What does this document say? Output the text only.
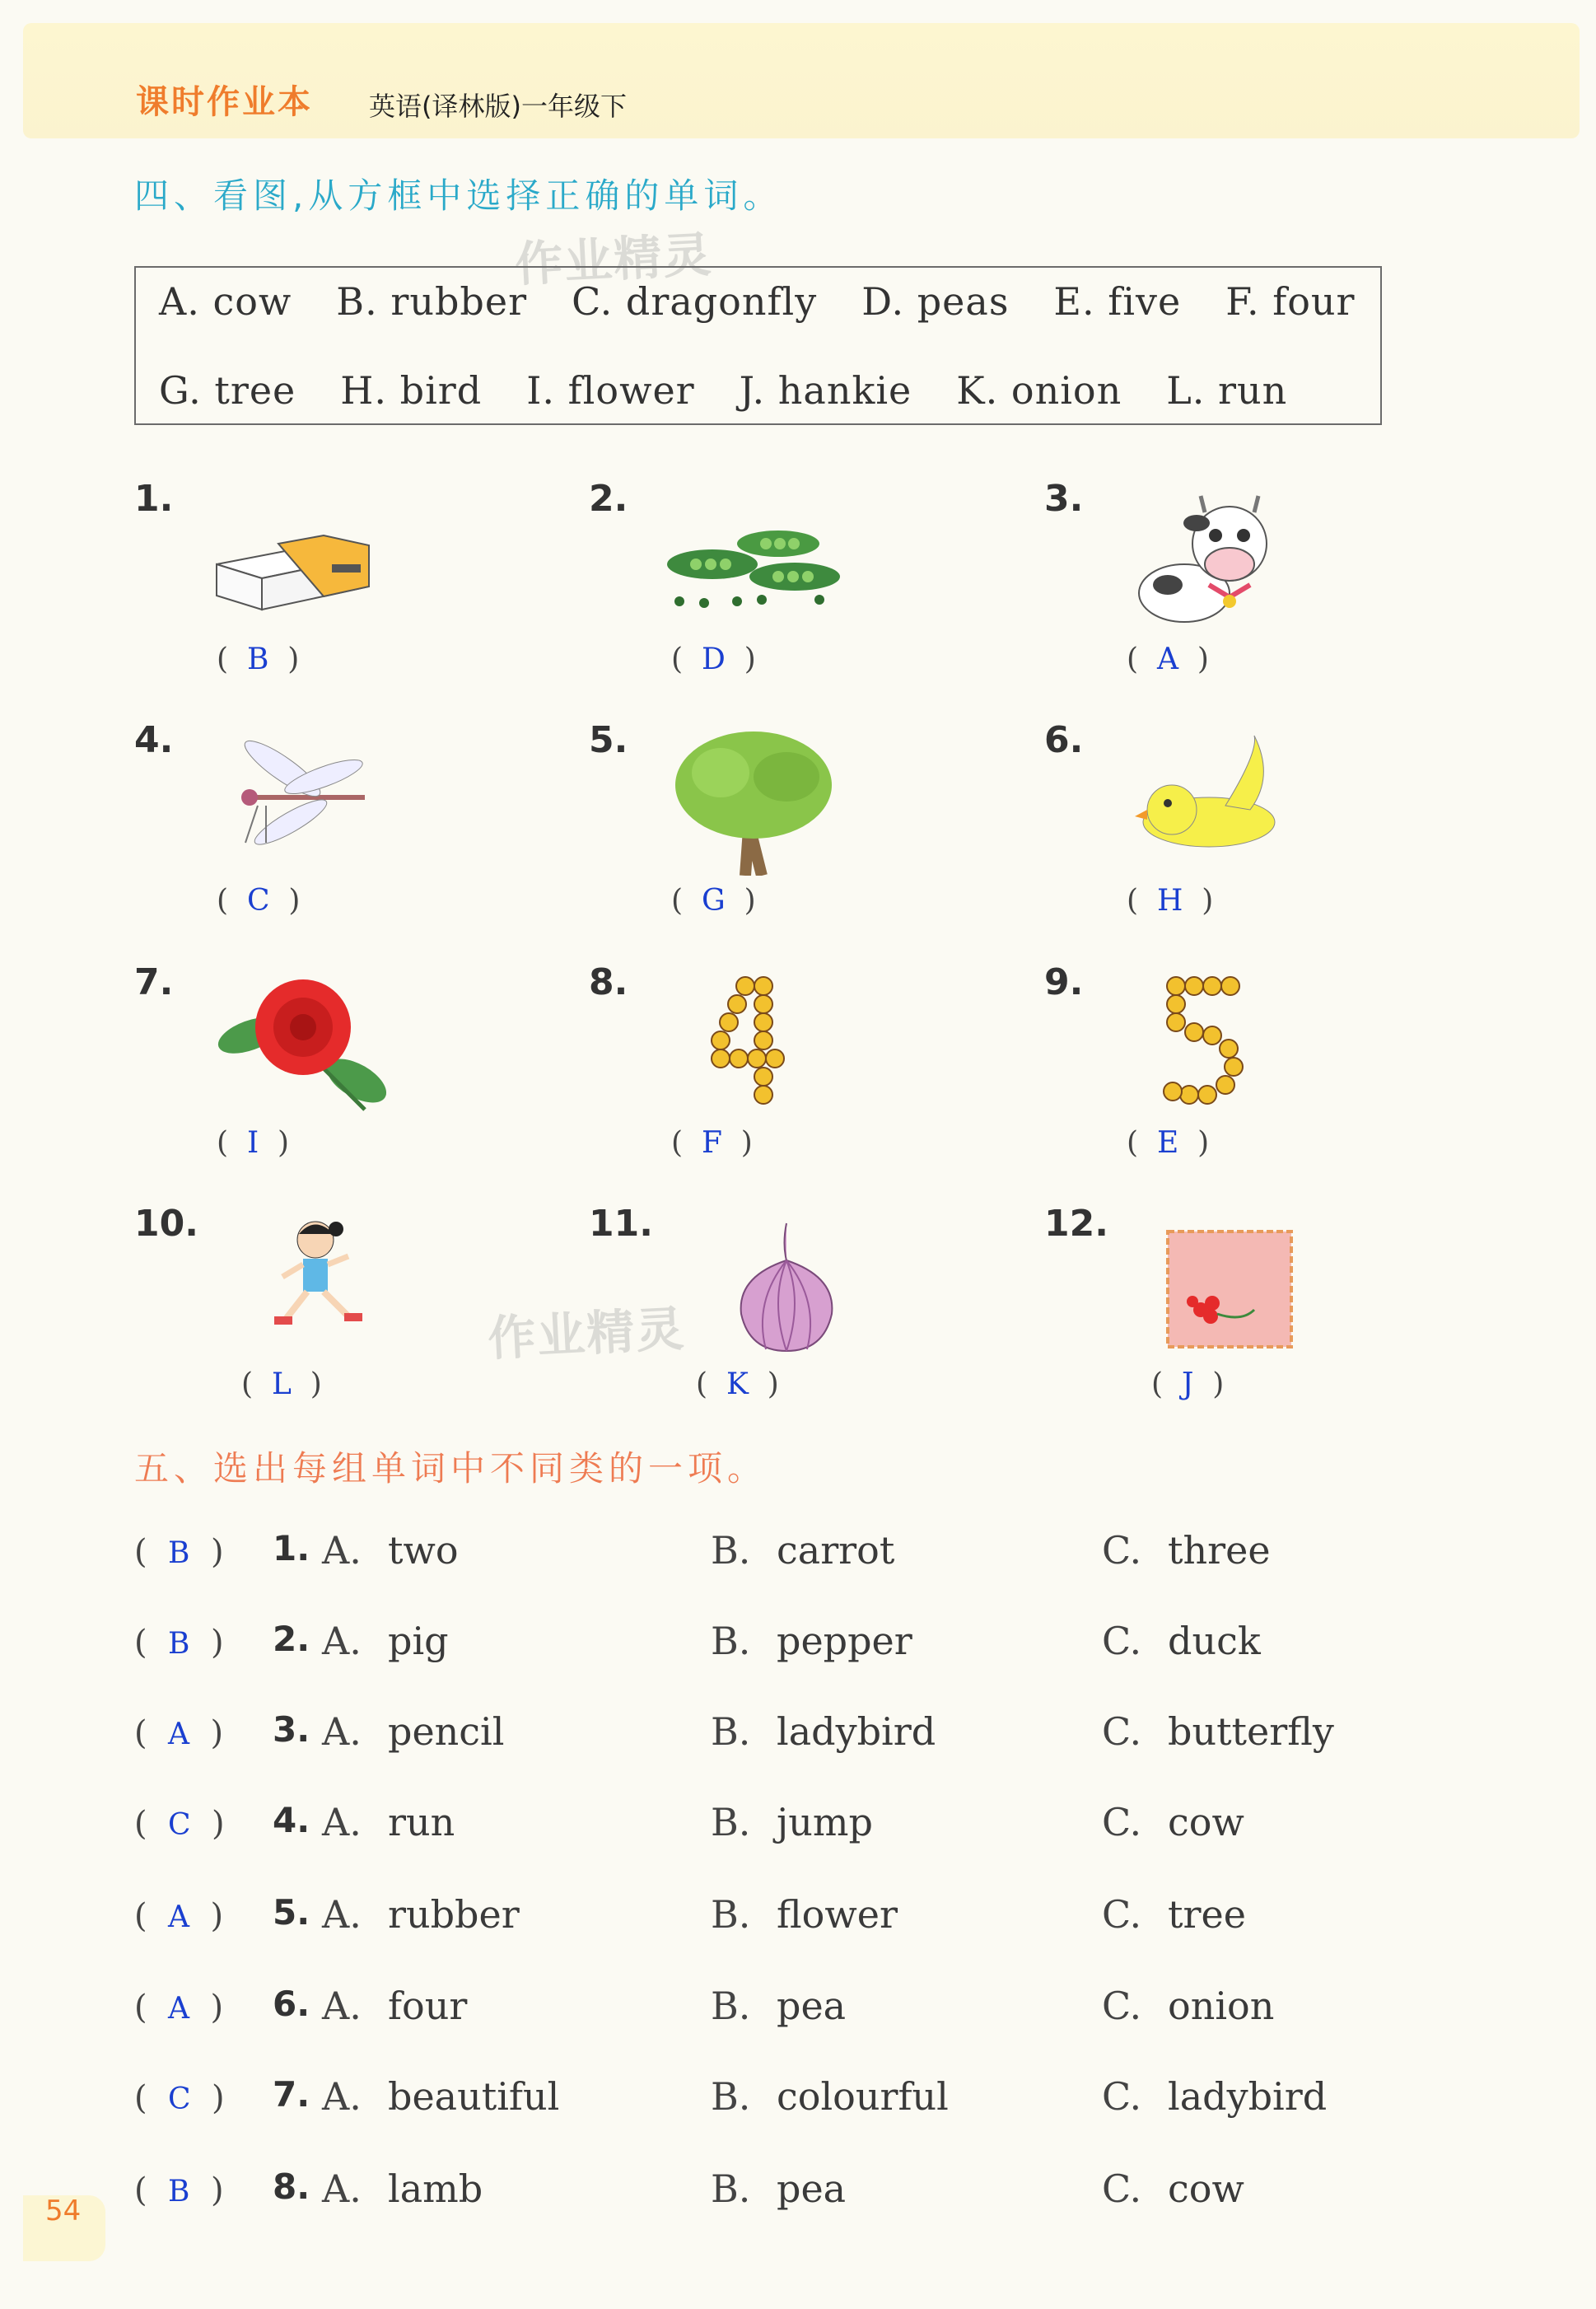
课时作业本 英语(译林版)一年级下
四、看图,从方框中选择正确的单词。
作业精灵
作业精灵
A. cow B. rubber C. dragonfly D. peas E. five F. four
G. tree H. bird I. flower J. hankie K. onion L. run
1.
(  B  )
2.
(  D  )
3.
(  A  )
4.
(  C  )
5.
(  G  )
6.
(  H  )
7.
(  I  )
8.
(  F  )
9.
(  E  )
10.
(  L  )
11.
(  K  )
12.
(  J  )
五、选出每组单词中不同类的一项。
(  B  ) 1. A. two	B. carrot	C. three
(  B  ) 2. A. pig	B. pepper	C. duck
(  A  ) 3. A. pencil	B. ladybird	C. butterfly
(  C  ) 4. A. run	B. jump	C. cow
(  A  ) 5. A. rubber	B. flower	C. tree
(  A  ) 6. A. four	B. pea	C. onion
(  C  ) 7. A. beautiful	B. colourful	C. ladybird
(  B  ) 8. A. lamb	B. pea	C. cow
54
